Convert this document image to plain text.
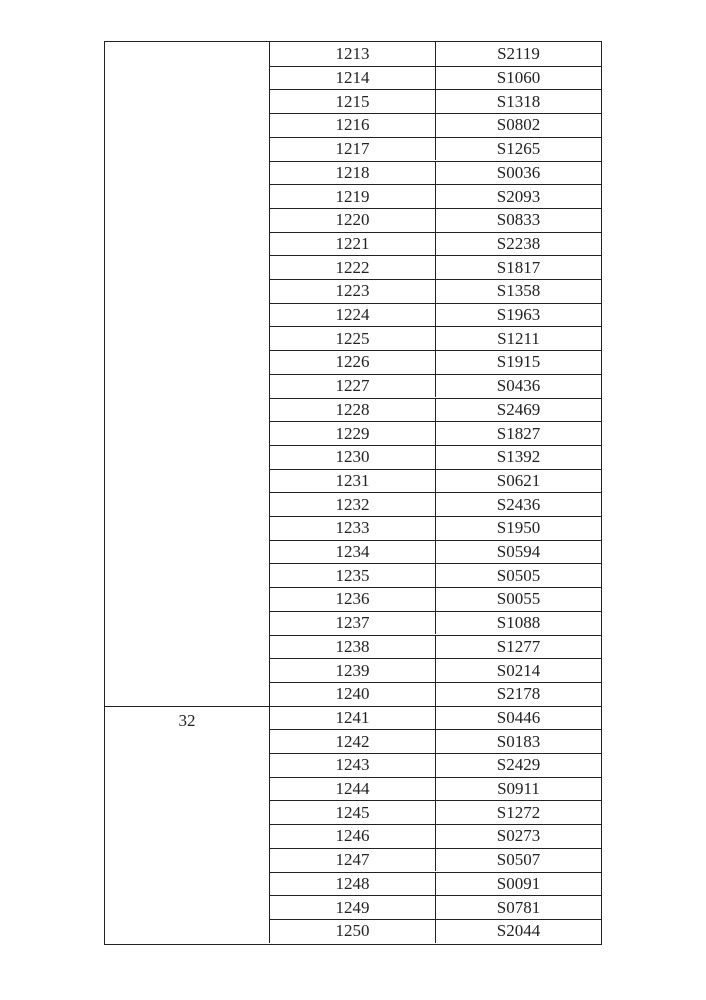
1213	S2119
1214	S1060
1215	S1318
1216	S0802
1217	S1265
1218	S0036
1219	S2093
1220	S0833
1221	S2238
1222	S1817
1223	S1358
1224	S1963
1225	S1211
1226	S1915
1227	S0436
1228	S2469
1229	S1827
1230	S1392
1231	S0621
1232	S2436
1233	S1950
1234	S0594
1235	S0505
1236	S0055
1237	S1088
1238	S1277
1239	S0214
1240	S2178
32	1241	S0446
1242	S0183
1243	S2429
1244	S0911
1245	S1272
1246	S0273
1247	S0507
1248	S0091
1249	S0781
1250	S2044
